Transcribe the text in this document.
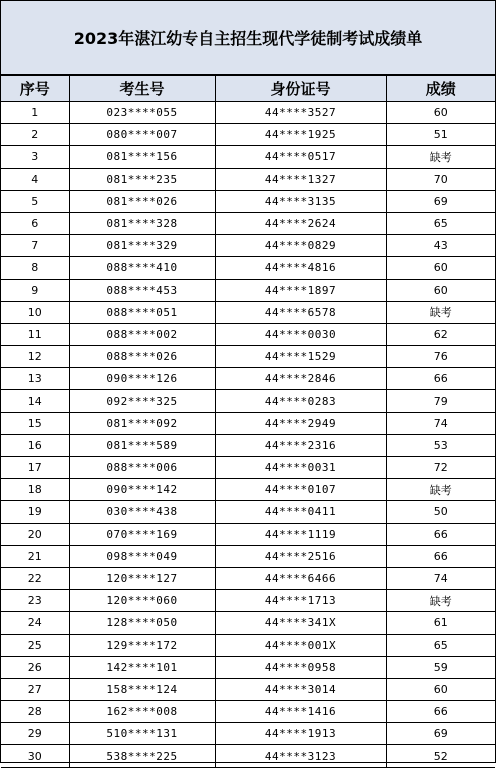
2023年湛江幼专自主招生现代学徒制考试成绩单
序号	考生号	身份证号	成绩
1	023****055	44****3527	60
2	080****007	44****1925	51
3	081****156	44****0517	缺考
4	081****235	44****1327	70
5	081****026	44****3135	69
6	081****328	44****2624	65
7	081****329	44****0829	43
8	088****410	44****4816	60
9	088****453	44****1897	60
10	088****051	44****6578	缺考
11	088****002	44****0030	62
12	088****026	44****1529	76
13	090****126	44****2846	66
14	092****325	44****0283	79
15	081****092	44****2949	74
16	081****589	44****2316	53
17	088****006	44****0031	72
18	090****142	44****0107	缺考
19	030****438	44****0411	50
20	070****169	44****1119	66
21	098****049	44****2516	66
22	120****127	44****6466	74
23	120****060	44****1713	缺考
24	128****050	44****341X	61
25	129****172	44****001X	65
26	142****101	44****0958	59
27	158****124	44****3014	60
28	162****008	44****1416	66
29	510****131	44****1913	69
30	538****225	44****3123	52
